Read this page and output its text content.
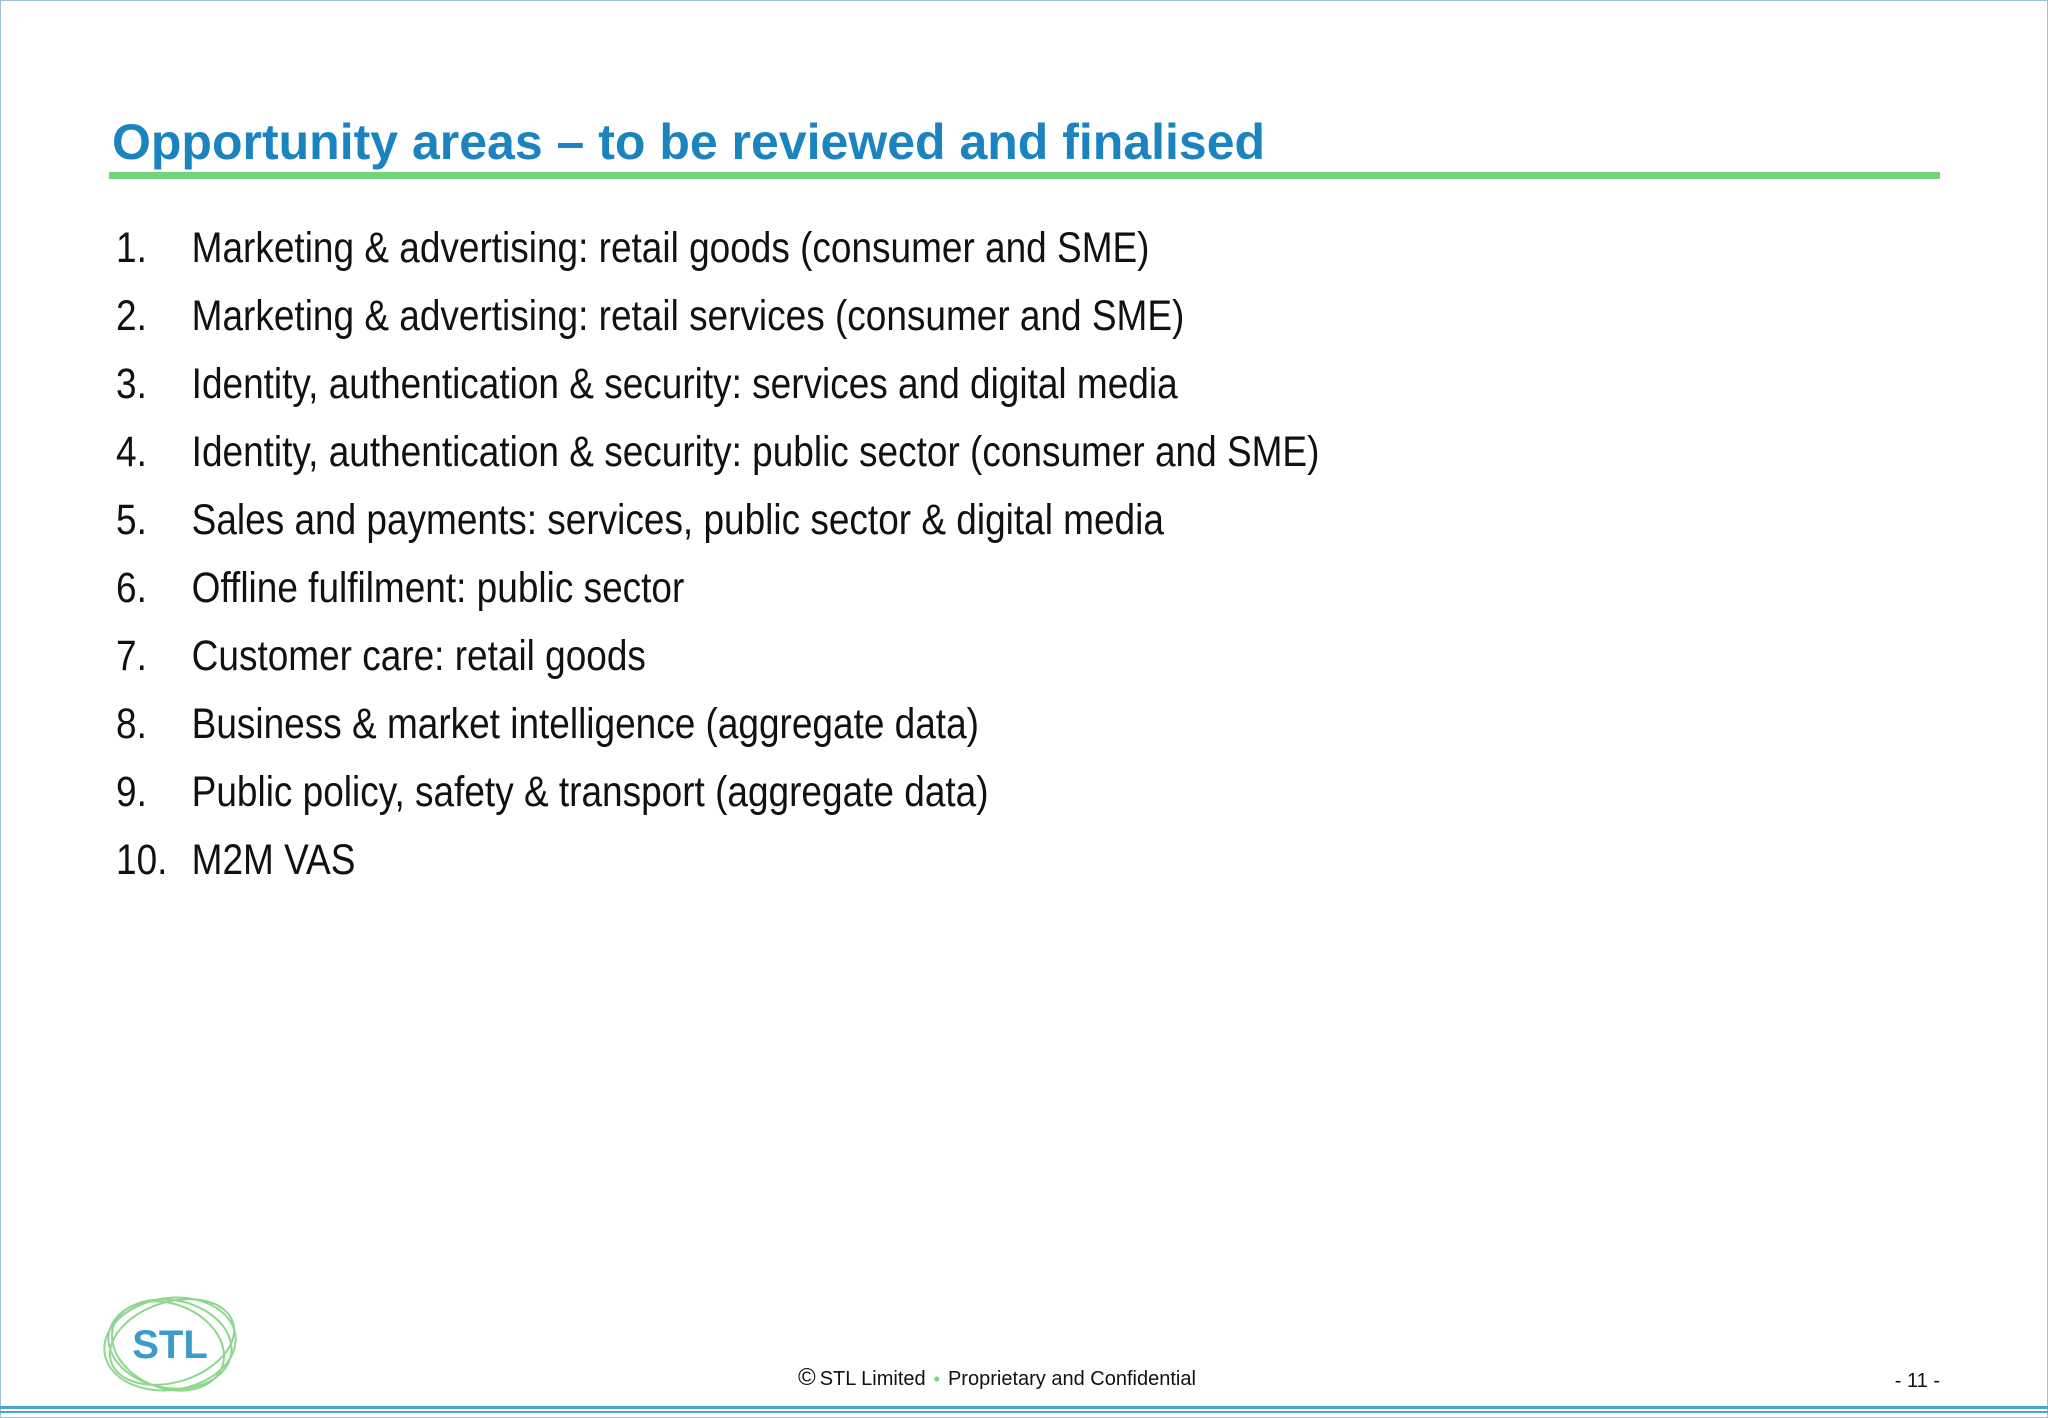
Opportunity areas – to be reviewed and finalised
1.	Marketing & advertising: retail goods (consumer and SME)
2.	Marketing & advertising: retail services (consumer and SME)
3.	Identity, authentication & security: services and digital media
4.	Identity, authentication & security: public sector (consumer and SME)
5.	Sales and payments: services, public sector & digital media
6.	Offline fulfilment: public sector
7.	Customer care: retail goods
8.	Business & market intelligence (aggregate data)
9.	Public policy, safety & transport (aggregate data)
10. M2M VAS
STL
© STL Limited • Proprietary and Confidential	- 11 -
